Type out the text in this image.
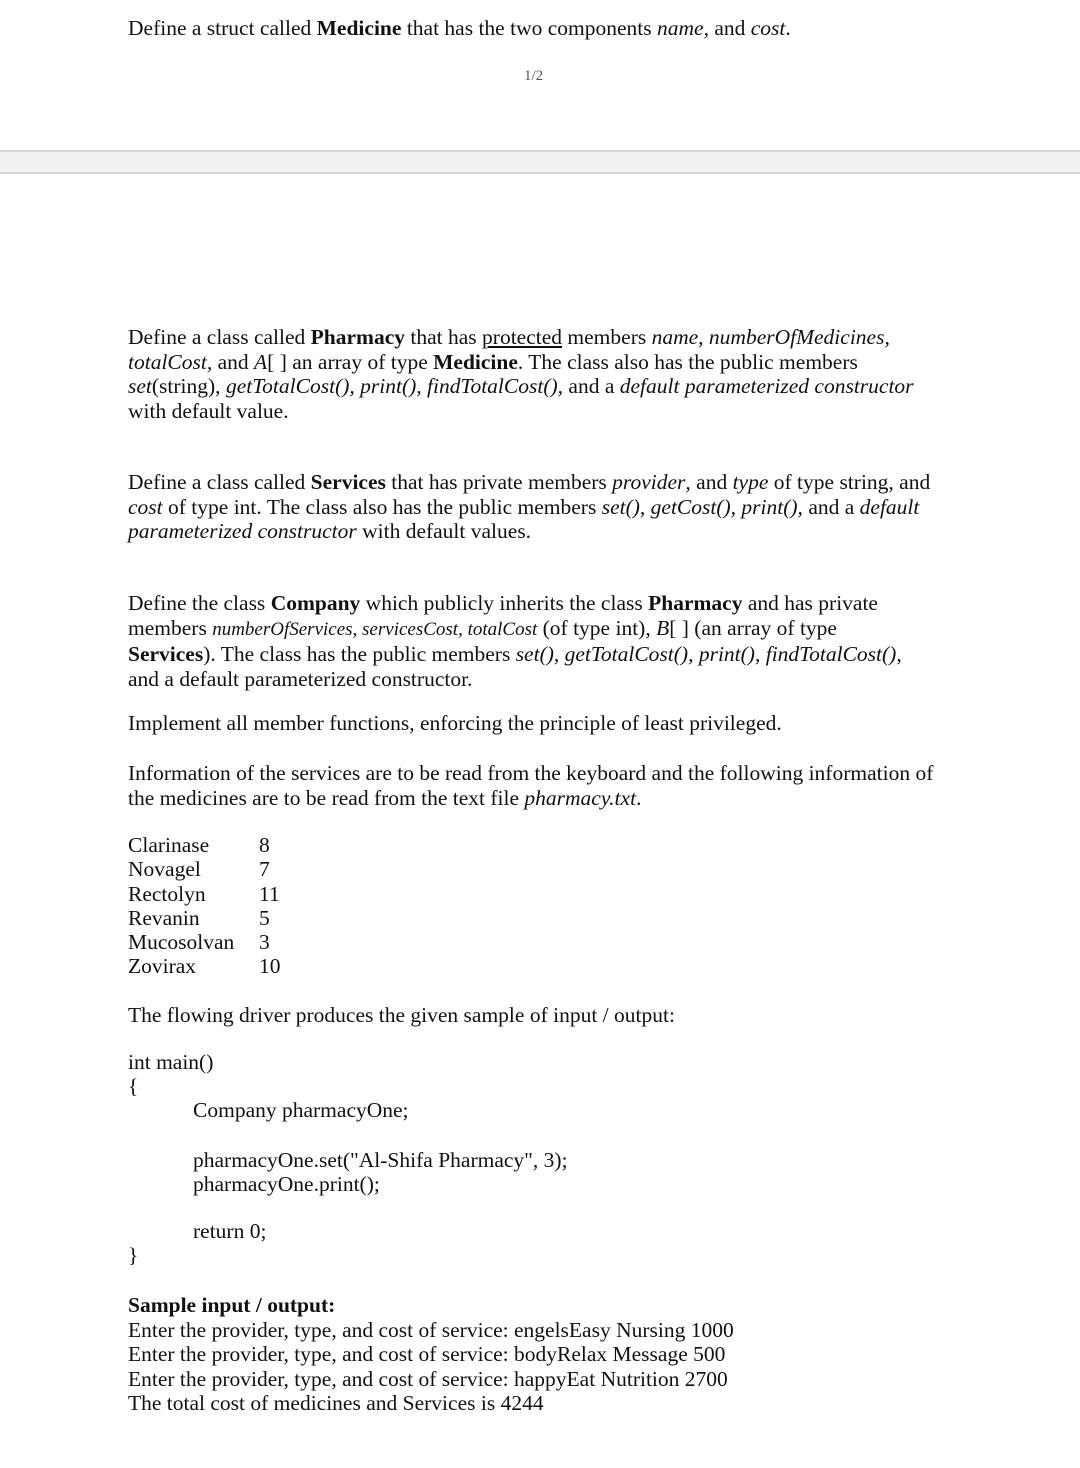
Define a struct called Medicine that has the two components name, and cost.
1/2
Define a class called Pharmacy that has protected members name, numberOfMedicines,
totalCost, and A[ ] an array of type Medicine. The class also has the public members
set(string), getTotalCost(), print(), findTotalCost(), and a default parameterized constructor
with default value.
Define a class called Services that has private members provider, and type of type string, and
cost of type int. The class also has the public members set(), getCost(), print(), and a default
parameterized constructor with default values.
Define the class Company which publicly inherits the class Pharmacy and has private
members numberOfServices, servicesCost, totalCost (of type int), B[ ] (an array of type
Services). The class has the public members set(), getTotalCost(), print(), findTotalCost(),
and a default parameterized constructor.
Implement all member functions, enforcing the principle of least privileged.
Information of the services are to be read from the keyboard and the following information of
the medicines are to be read from the text file pharmacy.txt.
Clarinase	8
Novagel	7
Rectolyn	11
Revanin	5
Mucosolvan	3
Zovirax	10
The flowing driver produces the given sample of input / output:
int main()
{
Company pharmacyOne;
pharmacyOne.set("Al-Shifa Pharmacy", 3);
pharmacyOne.print();
return 0;
}
Sample input / output:
Enter the provider, type, and cost of service: engelsEasy Nursing 1000
Enter the provider, type, and cost of service: bodyRelax Message 500
Enter the provider, type, and cost of service: happyEat Nutrition 2700
The total cost of medicines and Services is 4244
